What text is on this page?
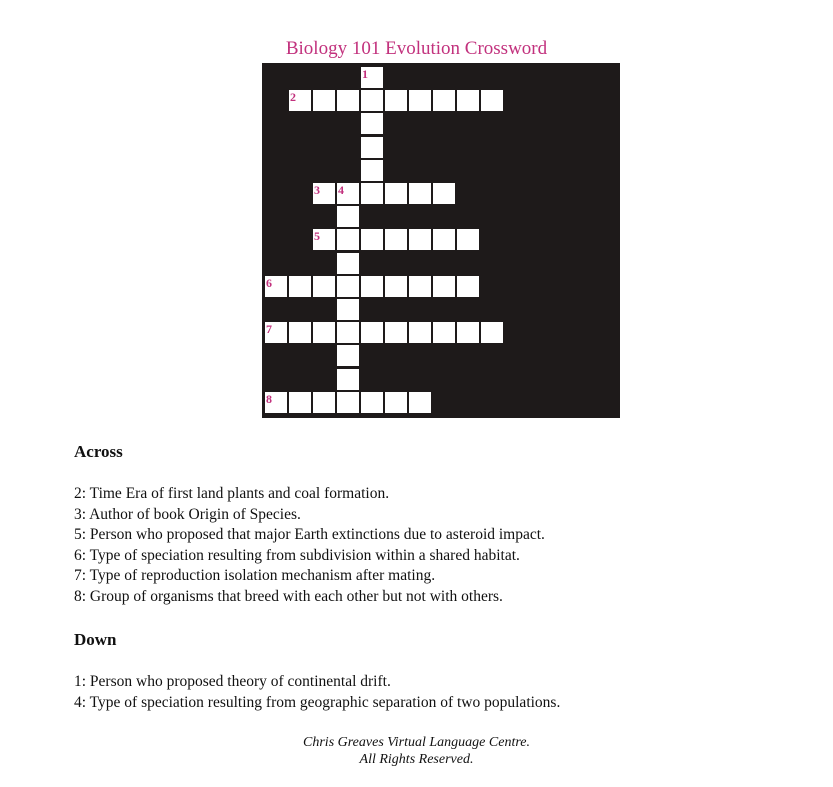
Biology 101 Evolution Crossword
1
2
3 4
5
6
7
8
Across
2: Time Era of first land plants and coal formation.
3: Author of book Origin of Species.
5: Person who proposed that major Earth extinctions due to asteroid impact.
6: Type of speciation resulting from subdivision within a shared habitat.
7: Type of reproduction isolation mechanism after mating.
8: Group of organisms that breed with each other but not with others.
Down
1: Person who proposed theory of continental drift.
4: Type of speciation resulting from geographic separation of two populations.
Chris Greaves Virtual Language Centre.
All Rights Reserved.
